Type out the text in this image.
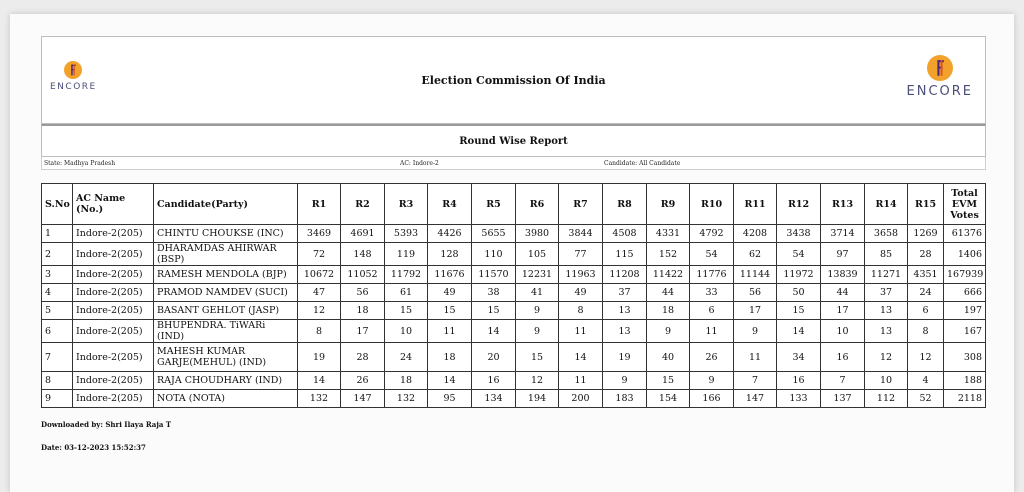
ENCORE	Election Commission Of India
ENCORE
Round Wise Report
State: Madhya Pradesh	AC: Indore-2	Candidate: All Candidate
S.No	AC Name (No.)	Candidate(Party)	R1	R2	R3	R4	R5	R6	R7	R8	R9	R10	R11	R12	R13	R14	R15	Total EVM Votes
1	Indore-2(205)	CHINTU CHOUKSE (INC)	3469	4691	5393	4426	5655	3980	3844	4508	4331	4792	4208	3438	3714	3658	1269	61376
2	Indore-2(205)	DHARAMDAS AHIRWAR (BSP)	72	148	119	128	110	105	77	115	152	54	62	54	97	85	28	1406
3	Indore-2(205)	RAMESH MENDOLA (BJP)	10672	11052	11792	11676	11570	12231	11963	11208	11422	11776	11144	11972	13839	11271	4351	167939
4	Indore-2(205)	PRAMOD NAMDEV (SUCI)	47	56	61	49	38	41	49	37	44	33	56	50	44	37	24	666
5	Indore-2(205)	BASANT GEHLOT (JASP)	12	18	15	15	15	9	8	13	18	6	17	15	17	13	6	197
6	Indore-2(205)	BHUPENDRA. TiWARi (IND)	8	17	10	11	14	9	11	13	9	11	9	14	10	13	8	167
7	Indore-2(205)	MAHESH KUMAR GARJE(MEHUL) (IND)	19	28	24	18	20	15	14	19	40	26	11	34	16	12	12	308
8	Indore-2(205)	RAJA CHOUDHARY (IND)	14	26	18	14	16	12	11	9	15	9	7	16	7	10	4	188
9	Indore-2(205)	NOTA (NOTA)	132	147	132	95	134	194	200	183	154	166	147	133	137	112	52	2118
Downloaded by: Shri Ilaya Raja T
Date: 03-12-2023 15:52:37
